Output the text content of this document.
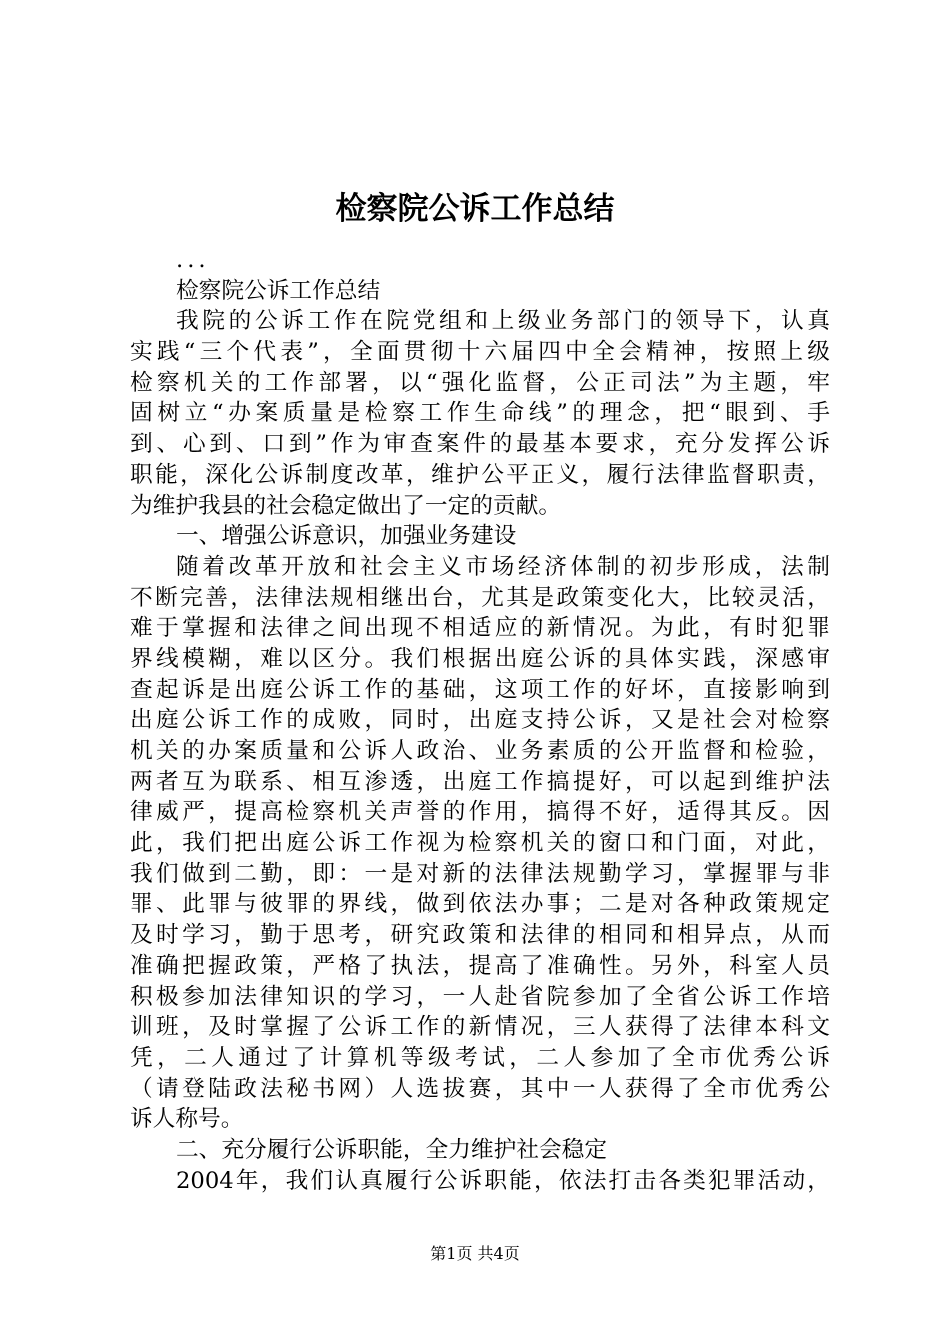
检察院公诉工作总结
...
检察院公诉工作总结
我院的公诉工作在院党组和上级业务部门的领导下，认真
实践“三个代表”，全面贯彻十六届四中全会精神，按照上级
检察机关的工作部署，以“强化监督，公正司法”为主题，牢
固树立“办案质量是检察工作生命线”的理念，把“眼到、手
到、心到、口到”作为审查案件的最基本要求，充分发挥公诉
职能，深化公诉制度改革，维护公平正义，履行法律监督职责，
为维护我县的社会稳定做出了一定的贡献。
一、增强公诉意识，加强业务建设
随着改革开放和社会主义市场经济体制的初步形成，法制
不断完善，法律法规相继出台，尤其是政策变化大，比较灵活，
难于掌握和法律之间出现不相适应的新情况。为此，有时犯罪
界线模糊，难以区分。我们根据出庭公诉的具体实践，深感审
查起诉是出庭公诉工作的基础，这项工作的好坏，直接影响到
出庭公诉工作的成败，同时，出庭支持公诉，又是社会对检察
机关的办案质量和公诉人政治、业务素质的公开监督和检验，
两者互为联系、相互渗透，出庭工作搞提好，可以起到维护法
律威严，提高检察机关声誉的作用，搞得不好，适得其反。因
此，我们把出庭公诉工作视为检察机关的窗口和门面，对此，
我们做到二勤，即：一是对新的法律法规勤学习，掌握罪与非
罪、此罪与彼罪的界线，做到依法办事；二是对各种政策规定
及时学习，勤于思考，研究政策和法律的相同和相异点，从而
准确把握政策，严格了执法，提高了准确性。另外，科室人员
积极参加法律知识的学习，一人赴省院参加了全省公诉工作培
训班，及时掌握了公诉工作的新情况，三人获得了法律本科文
凭，二人通过了计算机等级考试，二人参加了全市优秀公诉
（请登陆政法秘书网）人选拔赛，其中一人获得了全市优秀公
诉人称号。
二、充分履行公诉职能，全力维护社会稳定
2004年，我们认真履行公诉职能，依法打击各类犯罪活动，
第1页 共4页
